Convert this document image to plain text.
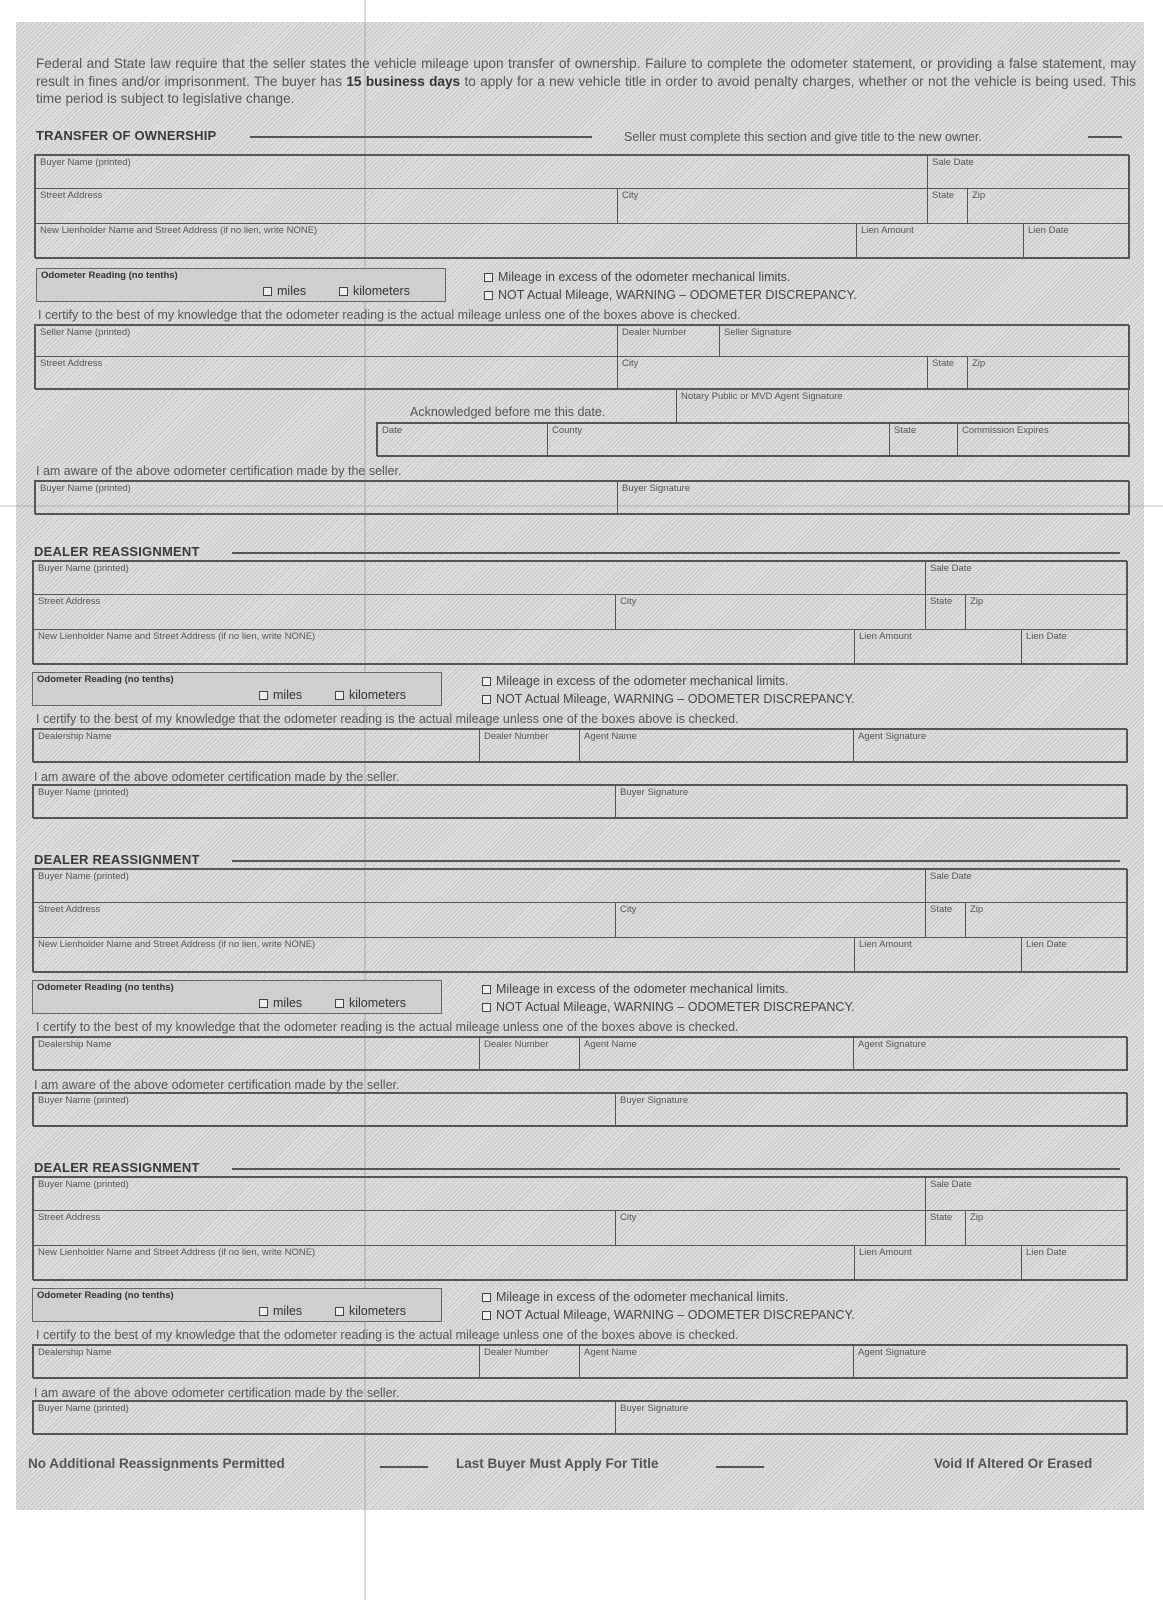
Federal and State law require that the seller states the vehicle mileage upon transfer of ownership. Failure to complete the odometer statement, or providing a false statement, may result in fines and/or imprisonment. The buyer has 15 business days to apply for a new vehicle title in order to avoid penalty charges, whether or not the vehicle is being used. This time period is subject to legislative change.

TRANSFER OF OWNERSHIP	Seller must complete this section and give title to the new owner.
Buyer Name (printed)	Sale Date
Street Address	City	State Zip
New Lienholder Name and Street Address (if no lien, write NONE)	Lien Amount	Lien Date
Odometer Reading (no tenths)
miles	kilometers
Mileage in excess of the odometer mechanical limits.
NOT Actual Mileage, WARNING – ODOMETER DISCREPANCY.
I certify to the best of my knowledge that the odometer reading is the actual mileage unless one of the boxes above is checked.
Seller Name (printed)	Dealer Number	Seller Signature
Street Address	City	State Zip
Acknowledged before me this date.
Notary Public or MVD Agent Signature
Date	County	State	Commission Expires
I am aware of the above odometer certification made by the seller.
Buyer Name (printed)	Buyer Signature
DEALER REASSIGNMENT
Buyer Name (printed)	Sale Date
Street Address	City	State Zip
New Lienholder Name and Street Address (if no lien, write NONE)	Lien Amount	Lien Date
Odometer Reading (no tenths)
miles	kilometers
Mileage in excess of the odometer mechanical limits.
NOT Actual Mileage, WARNING – ODOMETER DISCREPANCY.
I certify to the best of my knowledge that the odometer reading is the actual mileage unless one of the boxes above is checked.
Dealership Name	Dealer Number	Agent Name	Agent Signature
I am aware of the above odometer certification made by the seller.
Buyer Name (printed)	Buyer Signature
DEALER REASSIGNMENT
Buyer Name (printed)	Sale Date
Street Address	City	State Zip
New Lienholder Name and Street Address (if no lien, write NONE)	Lien Amount	Lien Date
Odometer Reading (no tenths)
miles	kilometers
Mileage in excess of the odometer mechanical limits.
NOT Actual Mileage, WARNING – ODOMETER DISCREPANCY.
I certify to the best of my knowledge that the odometer reading is the actual mileage unless one of the boxes above is checked.
Dealership Name	Dealer Number	Agent Name	Agent Signature
I am aware of the above odometer certification made by the seller.
Buyer Name (printed)	Buyer Signature
DEALER REASSIGNMENT
Buyer Name (printed)	Sale Date
Street Address	City	State Zip
New Lienholder Name and Street Address (if no lien, write NONE)	Lien Amount	Lien Date
Odometer Reading (no tenths)
miles	kilometers
Mileage in excess of the odometer mechanical limits.
NOT Actual Mileage, WARNING – ODOMETER DISCREPANCY.
I certify to the best of my knowledge that the odometer reading is the actual mileage unless one of the boxes above is checked.
Dealership Name	Dealer Number	Agent Name	Agent Signature
I am aware of the above odometer certification made by the seller.
Buyer Name (printed)	Buyer Signature
No Additional Reassignments Permitted	Last Buyer Must Apply For Title	Void If Altered Or Erased
